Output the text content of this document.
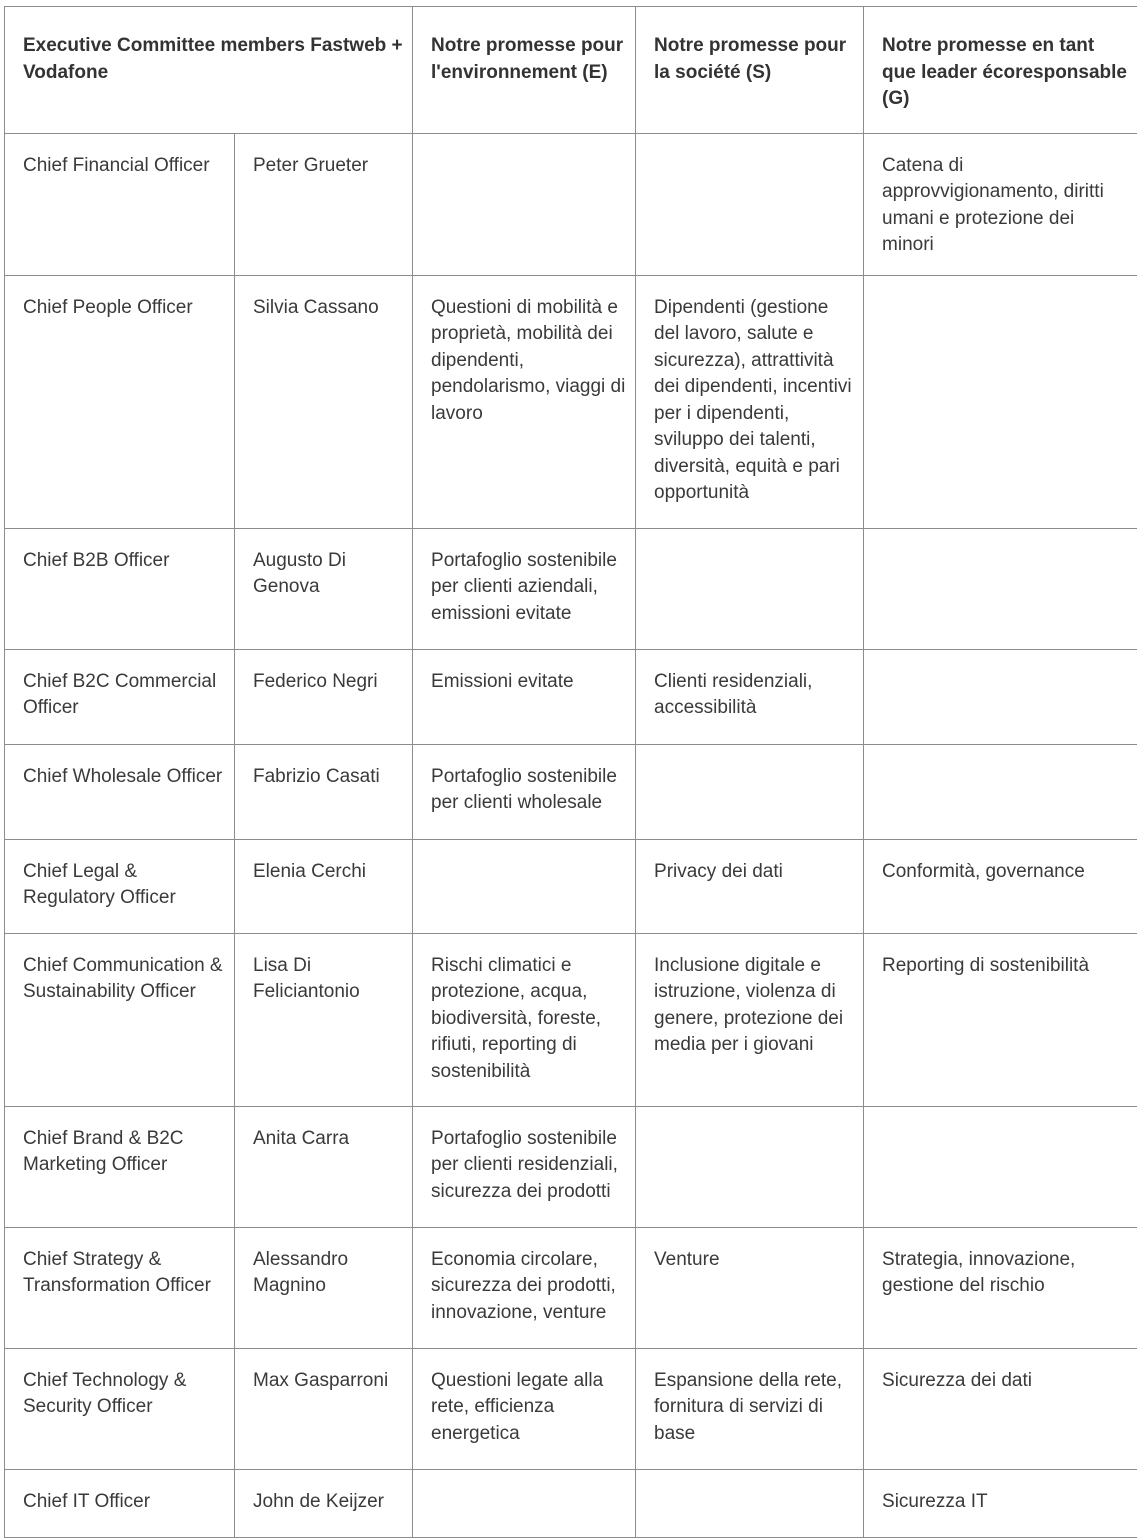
Executive Committee members Fastweb + Vodafone		Notre promesse pour l'environnement (E)	Notre promesse pour la société (S)	Notre promesse en tant que leader écoresponsable (G)
Chief Financial Officer	Peter Grueter			Catena di approvvigionamento, diritti umani e protezione dei minori
Chief People Officer	Silvia Cassano	Questioni di mobilità e proprietà, mobilità dei dipendenti, pendolarismo, viaggi di lavoro	Dipendenti (gestione del lavoro, salute e sicurezza), attrattività dei dipendenti, incentivi per i dipendenti, sviluppo dei talenti, diversità, equità e pari opportunità	
Chief B2B Officer	Augusto Di Genova	Portafoglio sostenibile per clienti aziendali, emissioni evitate		
Chief B2C Commercial Officer	Federico Negri	Emissioni evitate	Clienti residenziali, accessibilità	
Chief Wholesale Officer	Fabrizio Casati	Portafoglio sostenibile per clienti wholesale		
Chief Legal & Regulatory Officer	Elenia Cerchi		Privacy dei dati	Conformità, governance
Chief Communication & Sustainability Officer	Lisa Di Feliciantonio	Rischi climatici e protezione, acqua, biodiversità, foreste, rifiuti, reporting di sostenibilità	Inclusione digitale e istruzione, violenza di genere, protezione dei media per i giovani	Reporting di sostenibilità
Chief Brand & B2C Marketing Officer	Anita Carra	Portafoglio sostenibile per clienti residenziali, sicurezza dei prodotti		
Chief Strategy & Transformation Officer	Alessandro Magnino	Economia circolare, sicurezza dei prodotti, innovazione, venture	Venture	Strategia, innovazione, gestione del rischio
Chief Technology & Security Officer	Max Gasparroni	Questioni legate alla rete, efficienza energetica	Espansione della rete, fornitura di servizi di base	Sicurezza dei dati
Chief IT Officer	John de Keijzer			Sicurezza IT
